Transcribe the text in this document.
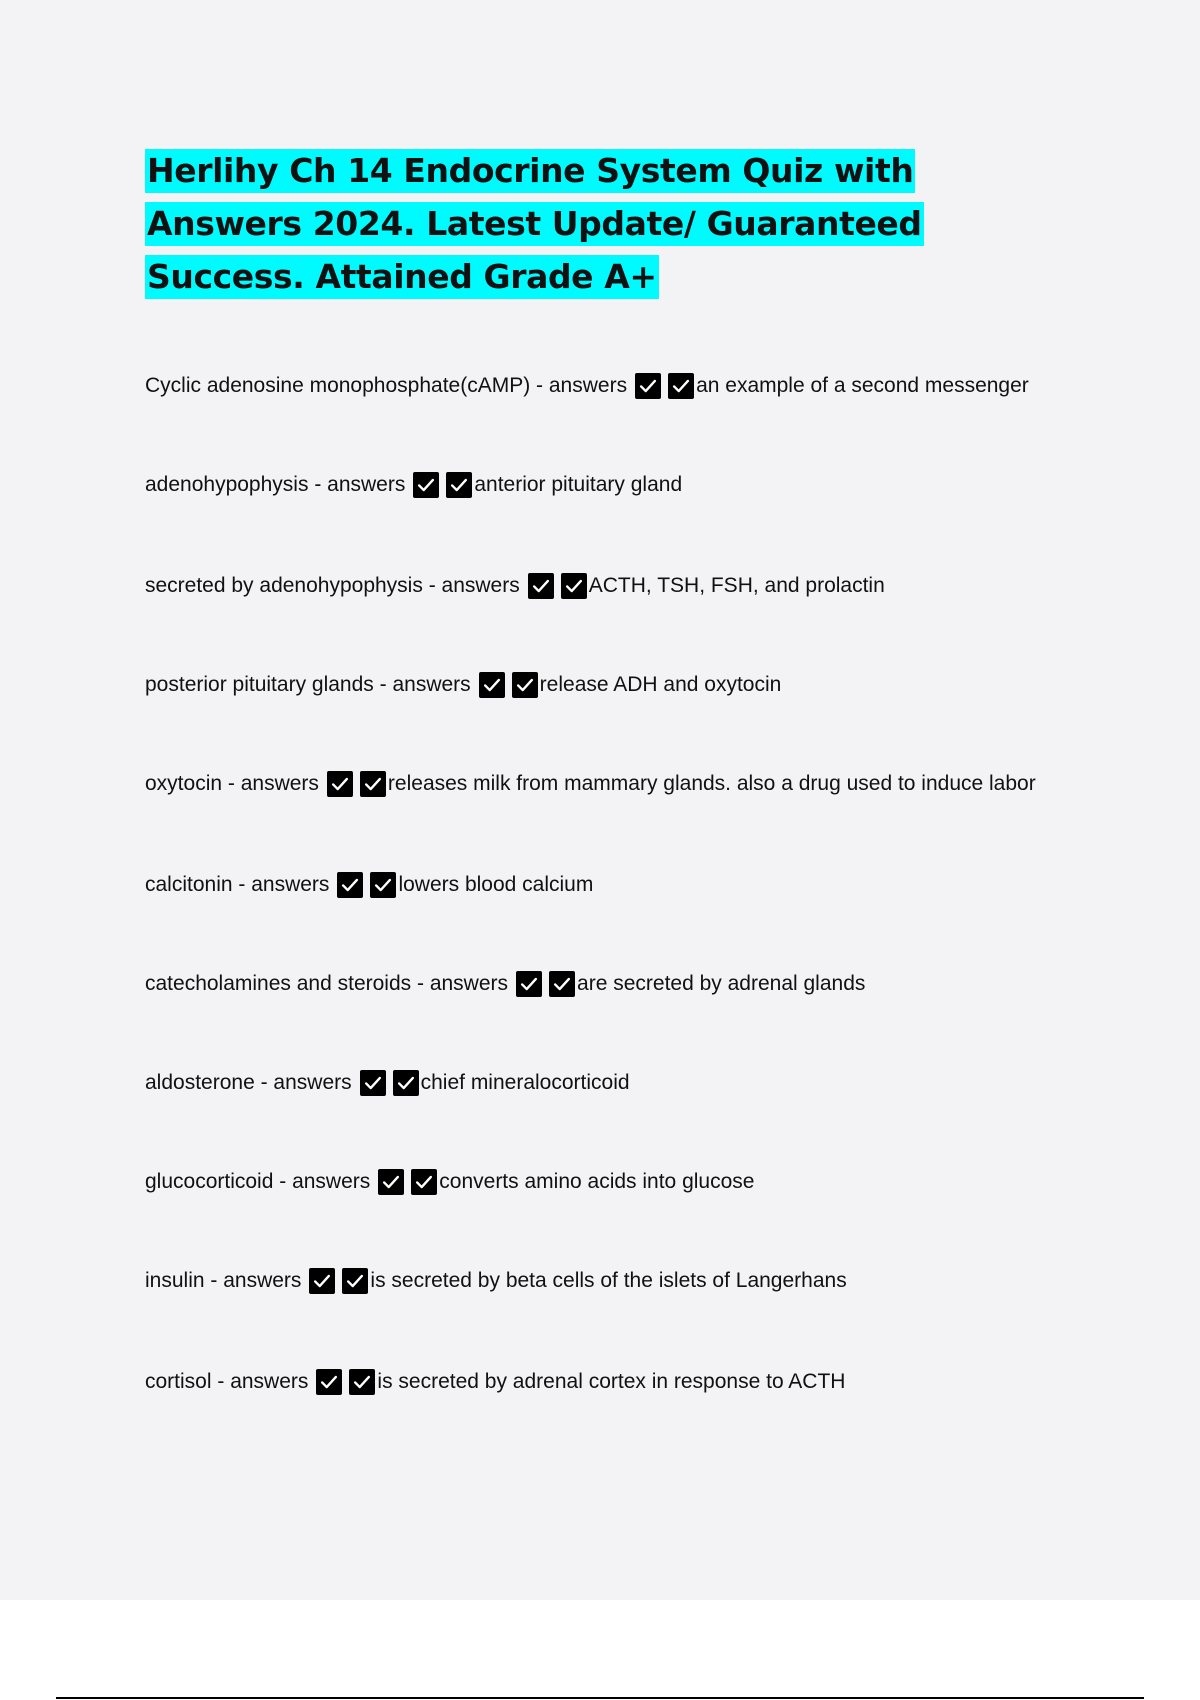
Herlihy Ch 14 Endocrine System Quiz with Answers 2024. Latest Update/ Guaranteed Success. Attained Grade A+
Cyclic adenosine monophosphate(cAMP)
- answers	an example of a second messenger
adenohypophysis
- answers	anterior pituitary gland
secreted by adenohypophysis
- answers	ACTH, TSH, FSH, and prolactin
posterior pituitary glands
- answers	release ADH and oxytocin
oxytocin
- answers	releases milk from mammary glands. also a drug used to induce labor
calcitonin
- answers	lowers blood calcium
catecholamines and steroids
- answers	are secreted by adrenal glands
aldosterone
- answers	chief mineralocorticoid
glucocorticoid
- answers	converts amino acids into glucose
insulin
- answers	is secreted by beta cells of the islets of Langerhans
cortisol
- answers	is secreted by adrenal cortex in response to ACTH
